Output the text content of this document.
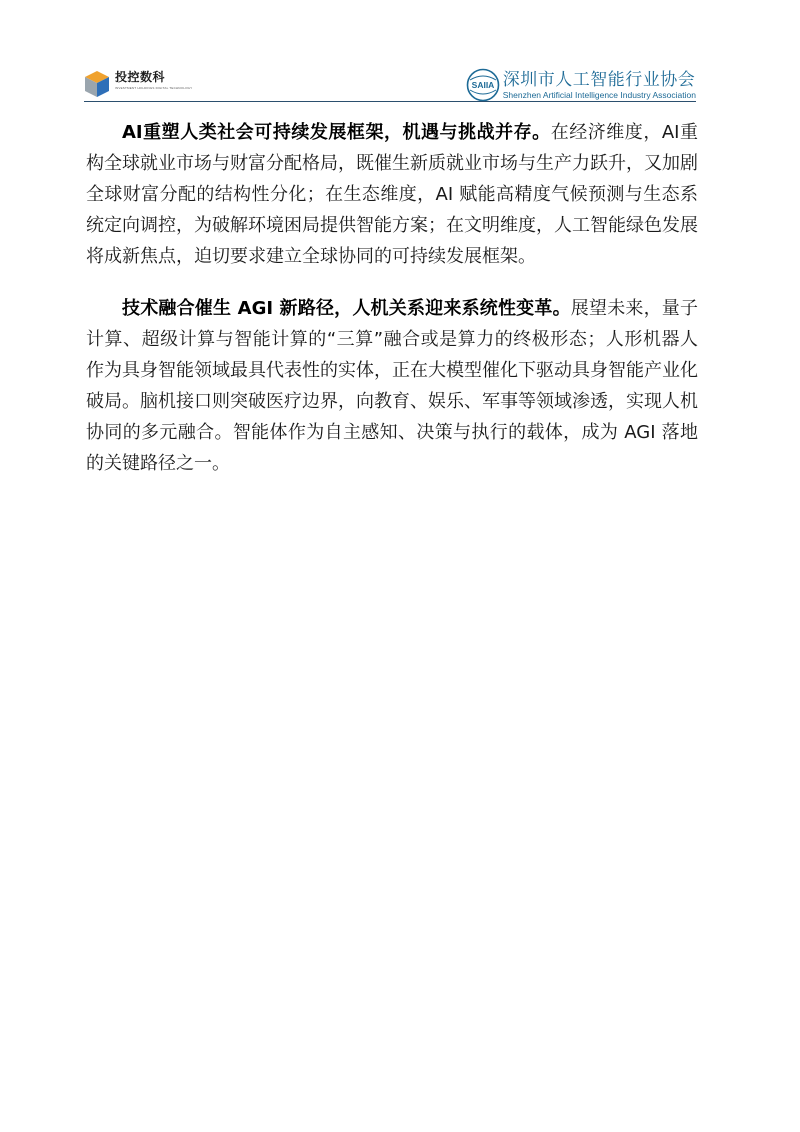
投控数科
INVESTMENT HOLDINGS DIGITAL TECHNOLOGY	SAIIA 深圳市人工智能行业协会
Shenzhen Artificial Intelligence Industry Association

AI重塑人类社会可持续发展框架，机遇与挑战并存。在经济维度，AI重构全球就业市场与财富分配格局，既催生新质就业市场与生产力跃升，又加剧全球财富分配的结构性分化；在生态维度，AI 赋能高精度气候预测与生态系统定向调控，为破解环境困局提供智能方案；在文明维度，人工智能绿色发展将成新焦点，迫切要求建立全球协同的可持续发展框架。

技术融合催生 AGI 新路径，人机关系迎来系统性变革。展望未来，量子计算、超级计算与智能计算的“三算”融合或是算力的终极形态；人形机器人作为具身智能领域最具代表性的实体，正在大模型催化下驱动具身智能产业化破局。脑机接口则突破医疗边界，向教育、娱乐、军事等领域渗透，实现人机协同的多元融合。智能体作为自主感知、决策与执行的载体，成为 AGI 落地的关键路径之一。
